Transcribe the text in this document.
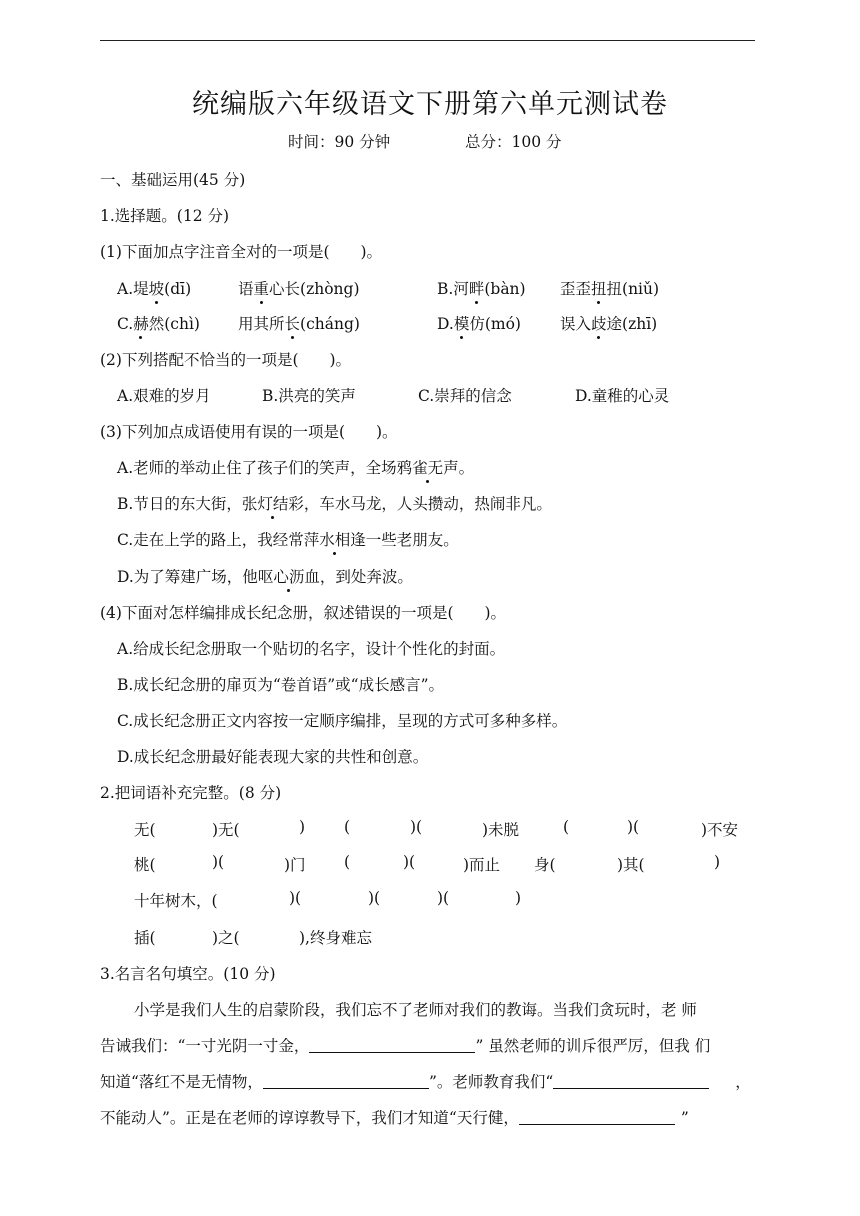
统编版六年级语文下册第六单元测试卷
时间：90 分钟	总分：100 分
一、基础运用(45 分)
1.选择题。(12 分)
(1)下面加点字注音全对的一项是(　　)。
A.堤坡(dī)	语重心长(zhòng)	B.河畔(bàn) 歪歪扭扭(niǔ)
C.赫然(chì) 用其所长(cháng)	D.模仿(mó)	误入歧途(zhī)
(2)下列搭配不恰当的一项是(　　)。
A.艰难的岁月	B.洪亮的笑声	C.崇拜的信念	D.童稚的心灵
(3)下列加点成语使用有误的一项是(　　)。
A.老师的举动止住了孩子们的笑声，全场鸦雀无声。
B.节日的东大街，张灯结彩，车水马龙，人头攒动，热闹非凡。
C.走在上学的路上，我经常萍水相逢一些老朋友。
D.为了筹建广场，他呕心沥血，到处奔波。
(4)下面对怎样编排成长纪念册，叙述错误的一项是(　　)。
A.给成长纪念册取一个贴切的名字，设计个性化的封面。
B.成长纪念册的扉页为“卷首语”或“成长感言”。
C.成长纪念册正文内容按一定顺序编排，呈现的方式可多种多样。
D.成长纪念册最好能表现大家的共性和创意。
2.把词语补充完整。(8 分)
无(	)无(	)	(	)(	)未脱	(	)(	)不安
桃(	)(	)门 (	)(	)而止 身(	)其(	)
十年树木，(	)(	)(	)(	)
插(	)之(	),终身难忘
3.名言名句填空。(10 分)
小学是我们人生的启蒙阶段，我们忘不了老师对我们的教诲。当我们贪玩时，老 师
告诫我们：“一寸光阴一寸金，	” 虽然老师的训斥很严厉，但我 们
知道“落红不是无情物，	”。老师教育我们“	，
不能动人”。正是在老师的谆谆教导下，我们才知道“天行健，	”
